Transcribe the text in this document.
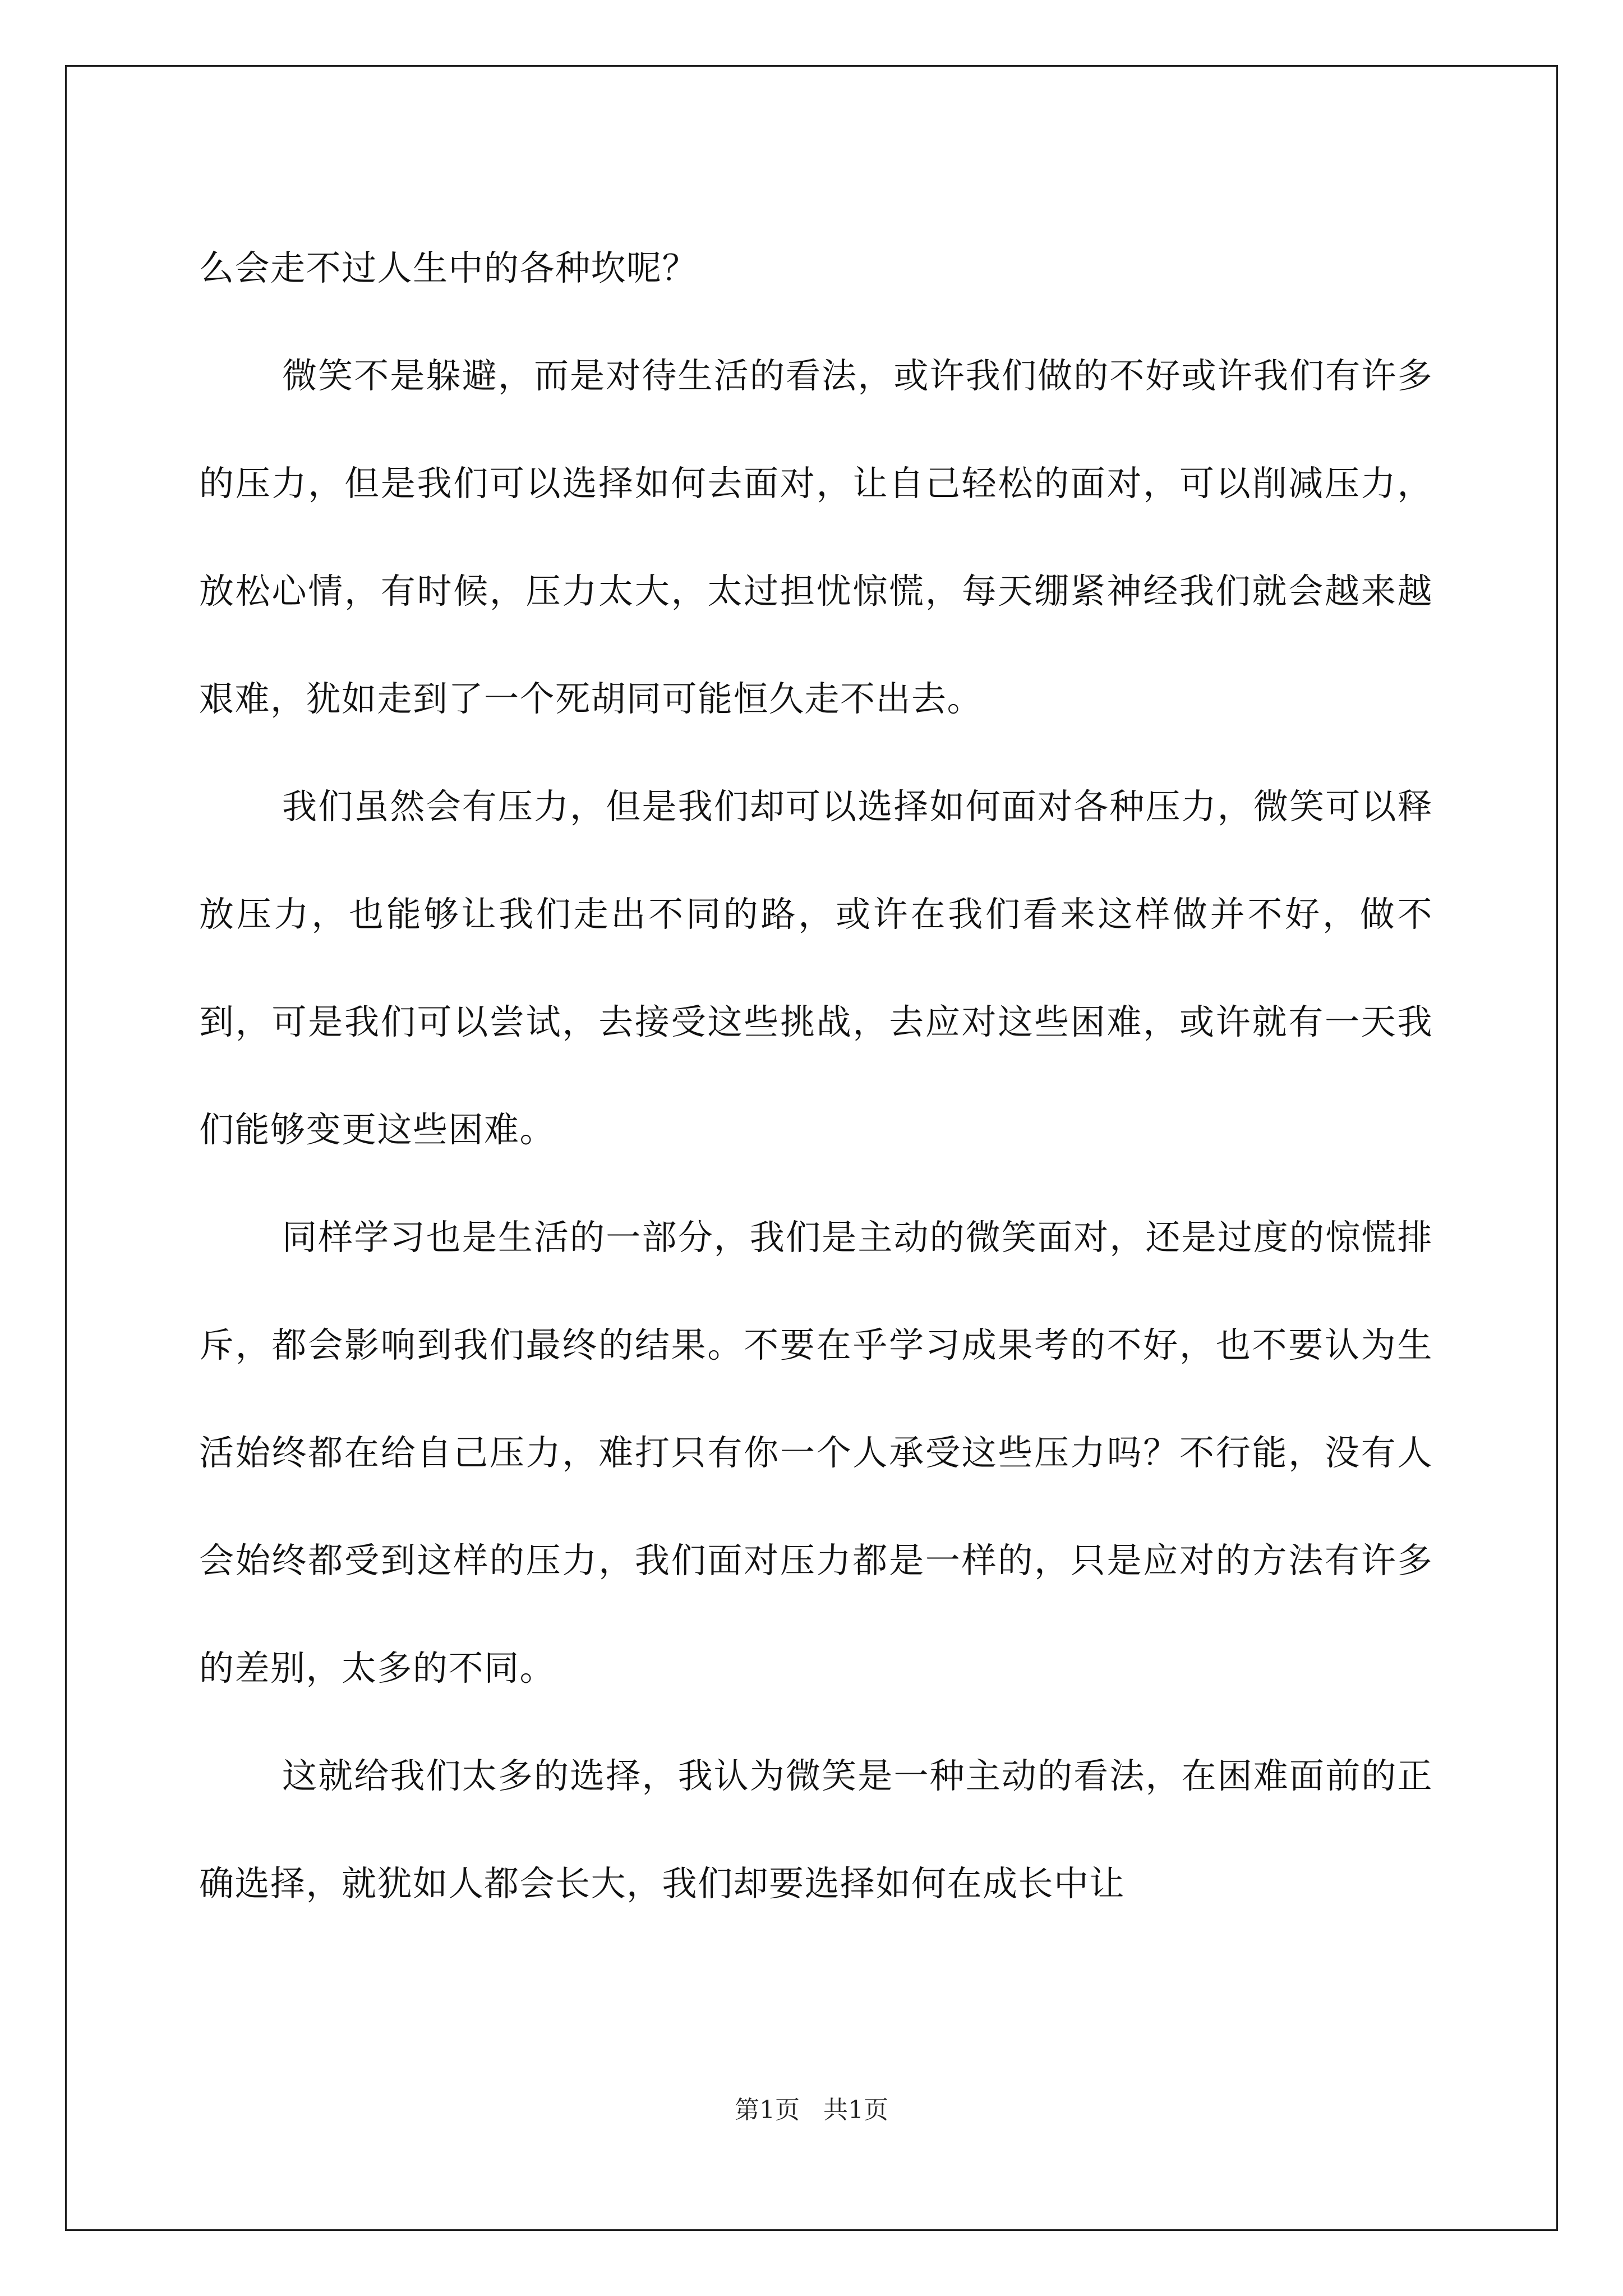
么会走不过人生中的各种坎呢？

微笑不是躲避，而是对待生活的看法，或许我们做的不好或许我们有许多的压力，但是我们可以选择如何去面对，让自己轻松的面对，可以削减压力，放松心情，有时候，压力太大，太过担忧惊慌，每天绷紧神经我们就会越来越艰难，犹如走到了一个死胡同可能恒久走不出去。

我们虽然会有压力，但是我们却可以选择如何面对各种压力，微笑可以释放压力，也能够让我们走出不同的路，或许在我们看来这样做并不好，做不到，可是我们可以尝试，去接受这些挑战，去应对这些困难，或许就有一天我们能够变更这些困难。

同样学习也是生活的一部分，我们是主动的微笑面对，还是过度的惊慌排斥，都会影响到我们最终的结果。不要在乎学习成果考的不好，也不要认为生活始终都在给自己压力，难打只有你一个人承受这些压力吗？不行能，没有人会始终都受到这样的压力，我们面对压力都是一样的，只是应对的方法有许多的差别，太多的不同。

这就给我们太多的选择，我认为微笑是一种主动的看法，在困难面前的正确选择，就犹如人都会长大，我们却要选择如何在成长中让

第1页   共1页
